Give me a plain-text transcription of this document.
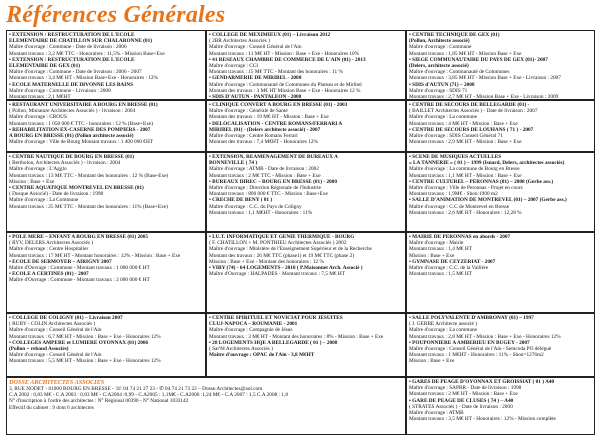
Références Générales
• EXTENSION / RESTRUCTURATION DE L'ECOLE
ELEMENTAIRE DE CHATILLON SUR CHALARONNE (01)
Maître d'ouvrage : Commune - Date de livraison : 2006
Montant travaux : 3,2 M€ TTC - Honoraires : 11,5% - Mission Base+Exe
• EXTENSION / RESTRUCTURATION DE L'ECOLE
ELEMENTAIRE DE GEX (01)
Maître d'ouvrage : Commune - Date de livraison : 2006 - 2007
Montant travaux : 3,4 M€ HT - Mission Base+Exe - Honoraires : 12%
• ECOLE MATERNELLE DE DIVONNE LES BAINS
Maître d'ouvrage : Commune - Livraison : 2008
Montant travaux : 2,1 M€HT
• COLLEGE DE MEXIMIEUX (01) – Livraison 2012
( 2BR Architectes Associés )
Maître d'ouvrage : Conseil Général de l'Ain
Montant travaux : 11 M€ HT - Mission : Base + Exe - Honoraires 10%
• 41 RESEAUX CHAMBRE DE COMMERCE DE L'AIN (01) - 2013
Maître d'ouvrage : CCI
Montant travaux : 15 M€ TTC - Montant des honoraires : 11 %
• GENDARMERIE DE MIRIBEL - 2008
Maître d'ouvrage : Communauté de Communes du Plateau et de Miribel
Montant des travaux : 3 M€ HT Mission Base + Exe - Honoraires 12 %
• SDIS D'AUTUN - PANTALEON - 2008
• CENTRE TECHNIQUE DE GEX (01)
(Pollon, Architecte associé)
Maître d'ouvrage : Commune
Montant travaux : 1,85 M€ HT - Mission Base + Exe
• SIEGE COMMUNAUTAIRE DU PAYS DE GEX (01)- 2007
(Delers, architecte associé)
Maître d'ouvrage : Communauté de Communes
Montant travaux : 3,85 M€ HT - Mission Base + Exe - Livraison : 2007
• SDIS d'AUTUN (71) – 2008
Maître d'ouvrage : SDIS 71
Montant travaux : 2,7 M€ HT - Mission Base + Exe - Livraison : 2009
• RESTAURANT UNIVERSITAIRE A BOURG EN BRESSE (01)
( Pollon, Miniature Architectes Associés ) - livraison : 2004
Maître d'ouvrage : CROUS
Montant travaux : 1 050 000 € TTC - honoraires : 12 % (Base+Exe)
• REHABILITATION EX-CASERNE DES POMPIERS - 2007
A BOURG EN BRESSE (01) (Pollon architecte associé)
Maître d'ouvrage : Ville de Bourg Montant travaux : 1 400 000 €HT
• CLINIQUE CONVERT A BOURG EN BRESSE (01) - 2003
Maître d'ouvrage : Générale de Santé
Montant des travaux : 19 M€ HT - Mission : Base + Exe
• DELOCALISATION - CENTRE ROMANS/FERRARI A
MIRIBEL (01) - (Delers architecte associé) - 2007
Maître d'ouvrage : Centre Romans Ferrari
Montant des travaux : 7,4 M€HT - Honoraires 12%
• CENTRE DE SECOURS DE BELLEGARDE (01) -
( BAILLET Architectes Associés ) - Date de livraison : 2007
Maître d'ouvrage : La commune
Montant travaux : 4 M€ HT - Mission : Base + Exe
• CENTRE DE SECOURS DE LOUHANS ( 71 ) - 2007
Maître d'ouvrage : SDIS Conseil Général 71
Montant travaux : 2,9 M€ HT - Mission : Base + Exe
• CENTRE NAUTIQUE DE BOURG EN BRESSE (01)
( Bertholon, Architectes Associés ) - livraison : 2004
Maître d'ouvrage : L'Agglo
Montant travaux : 13 M€ TTC - Montant des honoraires : 12 % (Base-Exe)
Mission : Base + Exe
• CENTRE AQUATIQUE MONTREVEL EN BRESSE (01)
( Dosque Associé) - Date de livraison : 1998
Maître d'ouvrage : La Commune
Montant travaux : 25 M€ TTC - Montant des honoraires : 11% (Base+Exe)
• EXTENSION, REAMENAGEMENT DE BUREAUX A
BONNEVILLE ( 74 )
Maître d'ouvrage : ATMB - Date de livraison : 2002
Montant travaux : 2 M€ TTC - Mission : Base + Exe
• BUREAUX DIREC – BOURG EN BRESSE (01) - 2000
Maître d'ouvrage : Direction Régionale de l'Industrie
Montant travaux : 800 000 € TTC - Mission : Base+Exe
• CRECHE DE BENY ( 01 )
Maître d'ouvrage : C.C. du Pays de Coligny
Montant travaux : 1,1 M€HT - Honoraires : 11%
• SCENE DE MUSIQUES ACTUELLES
« LA TANNERIE » ( 01 ) – 1999 (Isnard, Delers, architectes associés)
Maître d'ouvrage : La commune de Bourg en Bresse
Montant travaux : 1,1 M€ HT - Mission : Base + Exe
• CENTRE CULTUREL – PERONNAS (01) – 2008 (Gerbe ass.)
Maître d'ouvrage : Ville de Peronnas - Projet en cours
Montant travaux : 1,9M€ - Shon:1900 m2
• SALLE D'ANIMATION DE MONTREVEL (01) – 2007 (Gerbe ass.)
Maître d'ouvrage : C.C de Montrevel en Bresse
Montant travaux : 2,6 M€ HT - Honoraires : 12,28 %
• POLE MERE – ENFANT A BOURG EN BRESSE (01) 2005
( RYV, DELERS Architectes Associés )
Maître d'ouvrage : Centre Hospitalier
Montant travaux : 17 M€ HT - Montant honoraires : 12% - Mission : Base + Exe
• ECOLE DE SERMOYER – AIRIGNY 2007
Maître d'Ouvrage : Commune - Montant travaux : 1 000 000 € HT
• ECOLE A CERTINES (01) - 2007
Maître d'Ouvrage : Commune - Montant travaux : 2 000 000 € HT
• I.U.T. INFORMATIQUE ET GENIE THERMIQUE - BOURG
( F. CHATILLON + M. PONTHIEU Architectes Associés ) 2002
Maître d'ouvrage : Ministère de l'Enseignement Supérieur et de la Recherche
Montant des travaux : 26 M€ TTC (phase1) et 19 M€ TTC (phase 2)
Mission : Base + Exe - Montant des honoraires : 12 %
• VIRY (74) - 64 LOGEMENTS - 2010 ( P.Maisonnet Arch. Associé )
Maître d'Ouvrage : HALPADES - Montant travaux : 7,5 M€ HT
• MAIRIE DE PERONNAS en abords - 2007
Maître d'ouvrage : Mairie
Montant travaux : 1,4 M€ HT
Mission : Base + Exe
• GYMNASE DE CEYZERIAT - 2007
Maître d'ouvrage : C.C. de la Vallière
Montant travaux : 1,5 M€ HT
• COLLEGE DE COLIGNY (01) – Livraison 2007
( RUBY - COLIN Architectes Associés )
Maître d'ouvrage : Conseil Général de l'Ain
Montant travaux : 6,7 M€ HT - Mission : Base + Exe - Honoraires 12%
• COLLEGES AMPERE et LUMIERE OYONNAX (01) 2006
(Pollon + rebaud Associés)
Maître d'ouvrage : Conseil Général de l'Ain
Montant travaux : 5,5 M€ HT - Mission : Base + Exe - Honoraires 12%
• CENTRE SPIRITUEL ET NOVICIAT POUR JESUITES
CLUJ-NAPOCA – ROUMANIE - 2001
Maître d'ouvrage : Compagnie de Jésus
Montant travaux : 3 M€ HT - Montant des honoraires : 8% - Mission : Base + Exe
• 28 LOGEMENTS HQE A BELLEGARDE ( 01 ) – 2008
( Sar'M Architectes Associés )
Maître d'ouvrage : OPAC de l'Ain - 3,8 M€HT
• SALLE POLYVALENTE D'AMBRONAY (01) – 1997
( J. GERBE Architecte associé )
Maître d'ouvrage : La commune
Montant travaux : 2,8 M€ HT - Mission : Base + Exe - Honoraires 12%
• POUPONNIERE A AMBERIEU EN BUGEY - 2007
Maître d'ouvrage : Conseil Général de l'Ain - Semcoda PO délégué
Montant travaux : 1 M€HT - Honoraires : 11% - Shon=1276m2
Mission : Base + Exe
DOSSE ARCHITECTES ASSOCIES
3, RUE NODET - 01000 BOURG EN BRESSE - ☏ 04 74 21 27 23 - ✆ 04 74 21 73 22 – Dosse.Architectes@aol.com
C.A 2002 : 0,83 M€ - C.A 2003 : 0,83 M€ - C.A2004 :0,99 - C.A2005 : 1,1M€ - C.A2006 :1,24 M€ - C.A 2007 : 1,5 C.A 2008 : 1,8
N° d'inscription à l'ordre des architectes : N° Régional 00396 - N° National 1033142
Effectif du cabinet : 9 dont 6 architectes
• GARES DE PEAGE D'OYONNAX ET GROISSIAT ( 01 ) A40
Maître d'ouvrage : SAPRR - Date de livraison : 1998
Montant travaux : 2 M€ HT - Mission : Base + Exe
• GARE DE PEAGE DE CLUSES ( 74 ) – A40
( STRATES Associés ) - Date de livraison : 2000
Maître d'ouvrage : ATMB
Montant travaux : 3,5 M€ HT - Honoraires : 12% - Mission complète
